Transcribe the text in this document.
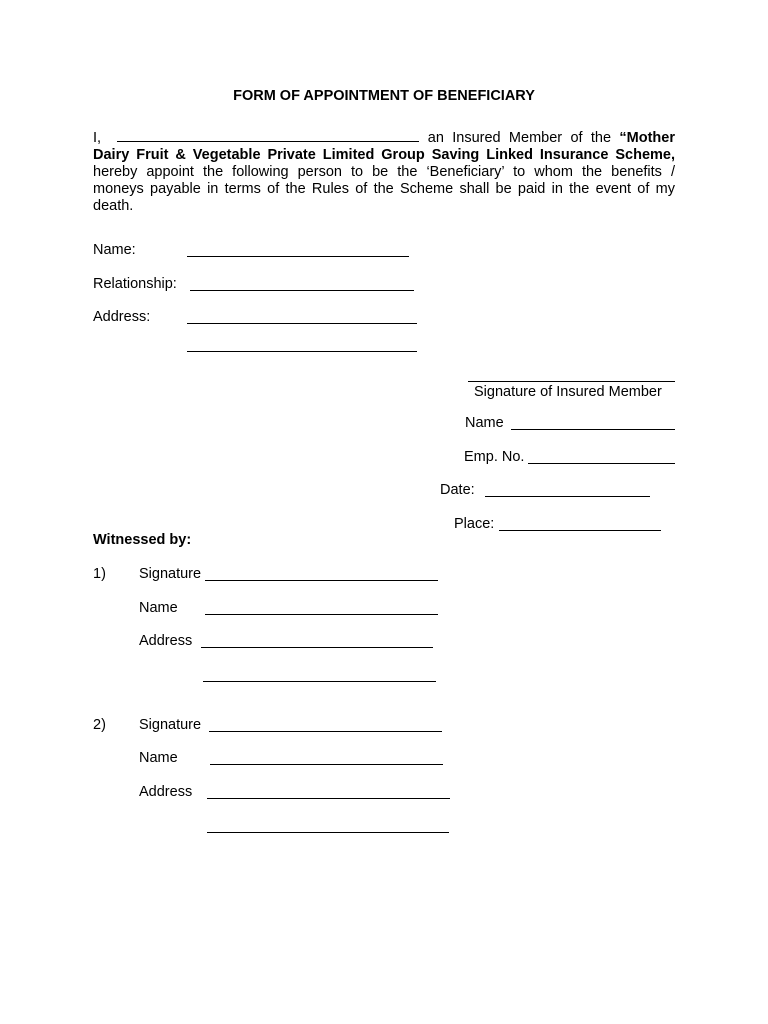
FORM OF APPOINTMENT OF BENEFICIARY
I,	an Insured Member of the “Mother
Dairy Fruit & Vegetable Private Limited Group Saving Linked Insurance Scheme,
hereby appoint the following person to be the ‘Beneficiary’ to whom the benefits /
moneys payable in terms of the Rules of the Scheme shall be paid in the event of my
death.
Name:
Relationship:
Address:
Signature of Insured Member
Name
Emp. No.
Date:
Place:
Witnessed by:
1) Signature
Name
Address
2) Signature
Name
Address
